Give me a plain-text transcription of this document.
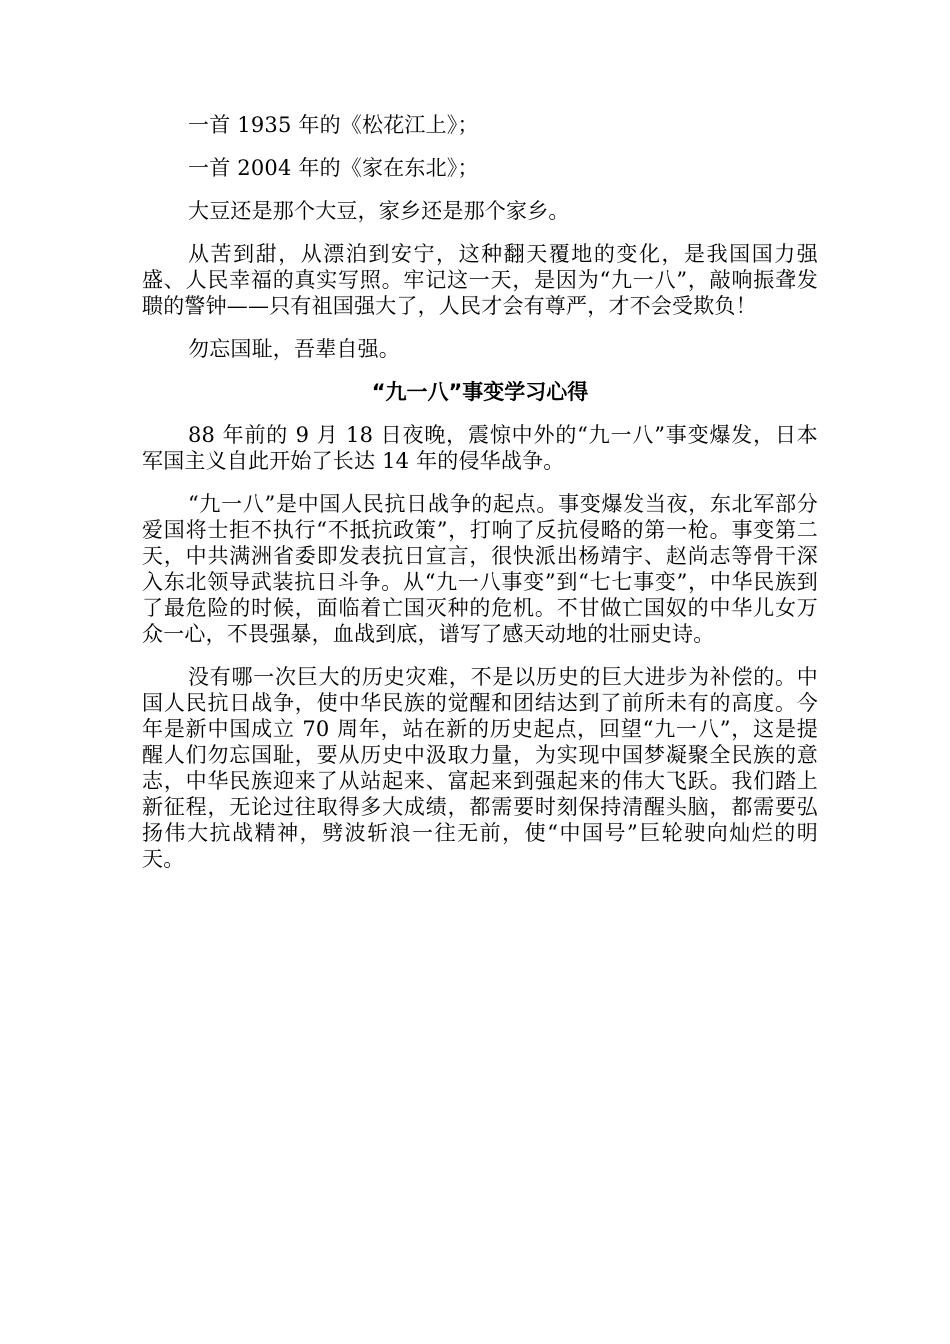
一首 1935 年的《松花江上》；

一首 2004 年的《家在东北》；

大豆还是那个大豆，家乡还是那个家乡。

从苦到甜，从漂泊到安宁，这种翻天覆地的变化，是我国国力强盛、人民幸福的真实写照。牢记这一天，是因为“九一八”，敲响振聋发聩的警钟——只有祖国强大了，人民才会有尊严，才不会受欺负！

勿忘国耻，吾辈自强。

“九一八”事变学习心得

88 年前的 9 月 18 日夜晚，震惊中外的“九一八”事变爆发，日本军国主义自此开始了长达 14 年的侵华战争。

“九一八”是中国人民抗日战争的起点。事变爆发当夜，东北军部分爱国将士拒不执行“不抵抗政策”，打响了反抗侵略的第一枪。事变第二天，中共满洲省委即发表抗日宣言，很快派出杨靖宇、赵尚志等骨干深入东北领导武装抗日斗争。从“九一八事变”到“七七事变”，中华民族到了最危险的时候，面临着亡国灭种的危机。不甘做亡国奴的中华儿女万众一心，不畏强暴，血战到底，谱写了感天动地的壮丽史诗。

没有哪一次巨大的历史灾难，不是以历史的巨大进步为补偿的。中国人民抗日战争，使中华民族的觉醒和团结达到了前所未有的高度。今年是新中国成立 70 周年，站在新的历史起点，回望“九一八”，这是提醒人们勿忘国耻，要从历史中汲取力量，为实现中国梦凝聚全民族的意志，中华民族迎来了从站起来、富起来到强起来的伟大飞跃。我们踏上新征程，无论过往取得多大成绩，都需要时刻保持清醒头脑，都需要弘扬伟大抗战精神，劈波斩浪一往无前，使“中国号”巨轮驶向灿烂的明天。
